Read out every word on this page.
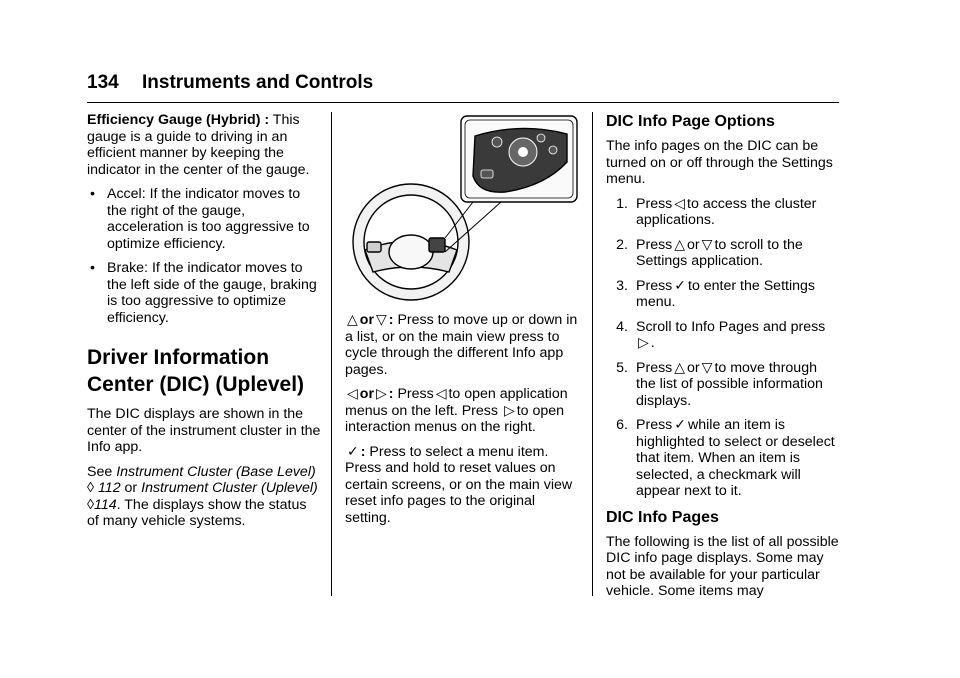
134 Instruments and Controls

Efficiency Gauge (Hybrid) : This gauge is a guide to driving in an efficient manner by keeping the indicator in the center of the gauge.

• Accel: If the indicator moves to the right of the gauge, acceleration is too aggressive to optimize efficiency.
• Brake: If the indicator moves to the left side of the gauge, braking is too aggressive to optimize efficiency.
Driver Information Center (DIC) (Uplevel)

The DIC displays are shown in the center of the instrument cluster in the Info app.

See Instrument Cluster (Base Level) ◊ 112 or Instrument Cluster (Uplevel) ◊114. The displays show the status of many vehicle systems.

△ or ▽ : Press to move up or down in a list, or on the main view press to cycle through the different Info app pages.

◁ or ▷ : Press ◁ to open application menus on the left. Press ▷ to open interaction menus on the right.

✓ : Press to select a menu item. Press and hold to reset values on certain screens, or on the main view reset info pages to the original setting.

DIC Info Page Options

The info pages on the DIC can be turned on or off through the Settings menu.

1. Press ◁ to access the cluster applications.
2. Press △ or ▽ to scroll to the Settings application.
3. Press ✓ to enter the Settings menu.
4. Scroll to Info Pages and press▷ .
5. Press △ or ▽ to move through the list of possible information displays.
6. Press ✓ while an item is highlighted to select or deselect that item. When an item is selected, a checkmark will appear next to it.
DIC Info Pages

The following is the list of all possible DIC info page displays. Some may not be available for your particular vehicle. Some items may
